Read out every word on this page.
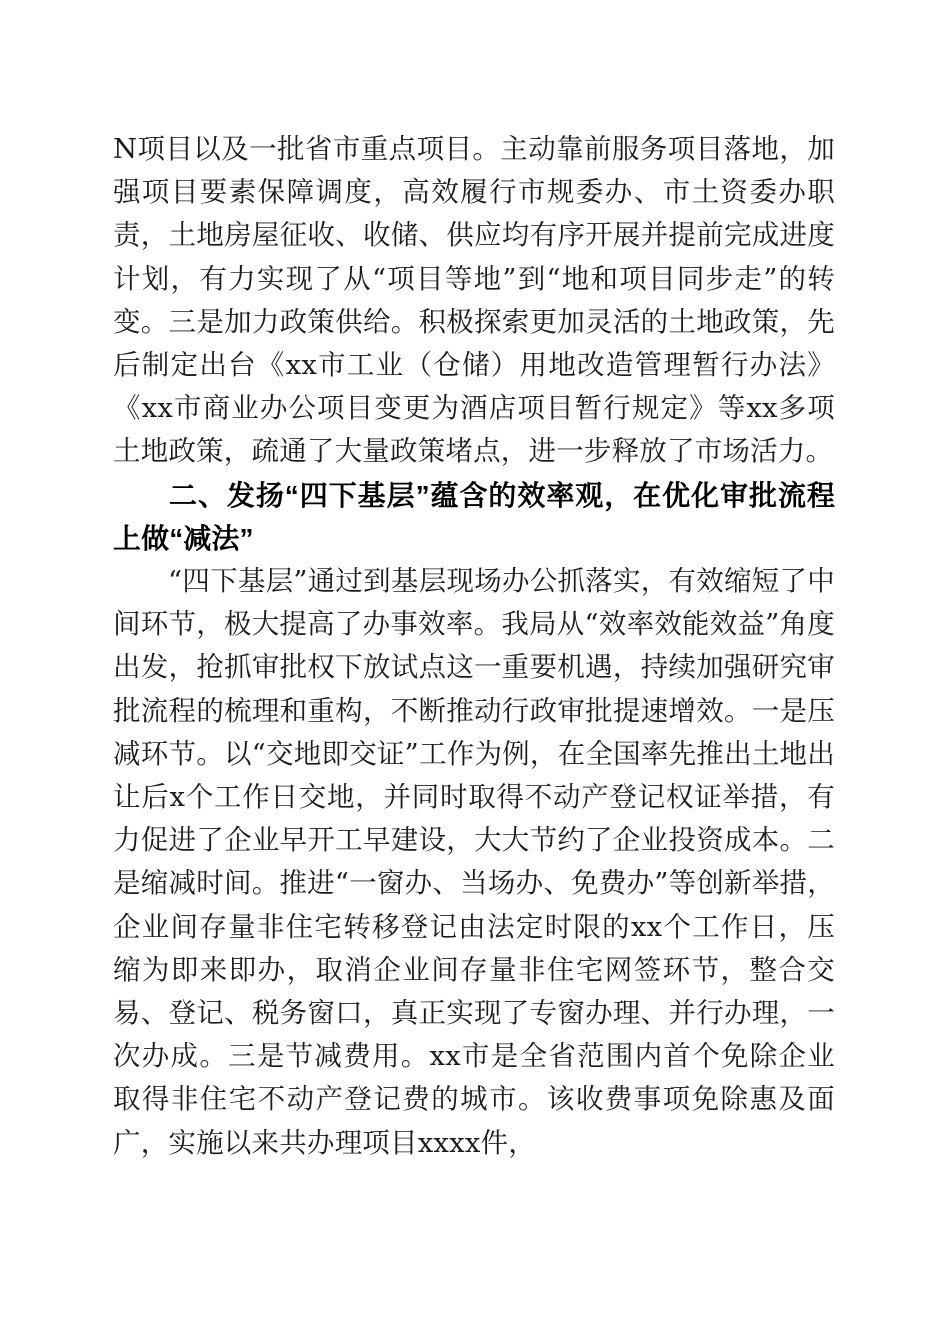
N项目以及一批省市重点项目。主动靠前服务项目落地，加强项目要素保障调度，高效履行市规委办、市土资委办职责，土地房屋征收、收储、供应均有序开展并提前完成进度计划，有力实现了从“项目等地”到“地和项目同步走”的转变。三是加力政策供给。积极探索更加灵活的土地政策，先后制定出台《xx市工业（仓储）用地改造管理暂行办法》《xx市商业办公项目变更为酒店项目暂行规定》等xx多项土地政策，疏通了大量政策堵点，进一步释放了市场活力。

二、发扬“四下基层”蕴含的效率观，在优化审批流程上做“减法”

“四下基层”通过到基层现场办公抓落实，有效缩短了中间环节，极大提高了办事效率。我局从“效率效能效益”角度出发，抢抓审批权下放试点这一重要机遇，持续加强研究审批流程的梳理和重构，不断推动行政审批提速增效。一是压减环节。以“交地即交证”工作为例，在全国率先推出土地出让后x个工作日交地，并同时取得不动产登记权证举措，有力促进了企业早开工早建设，大大节约了企业投资成本。二是缩减时间。推进“一窗办、当场办、免费办”等创新举措，企业间存量非住宅转移登记由法定时限的xx个工作日，压缩为即来即办，取消企业间存量非住宅网签环节，整合交易、登记、税务窗口，真正实现了专窗办理、并行办理，一次办成。三是节减费用。xx市是全省范围内首个免除企业取得非住宅不动产登记费的城市。该收费事项免除惠及面广，实施以来共办理项目xxxx件，
